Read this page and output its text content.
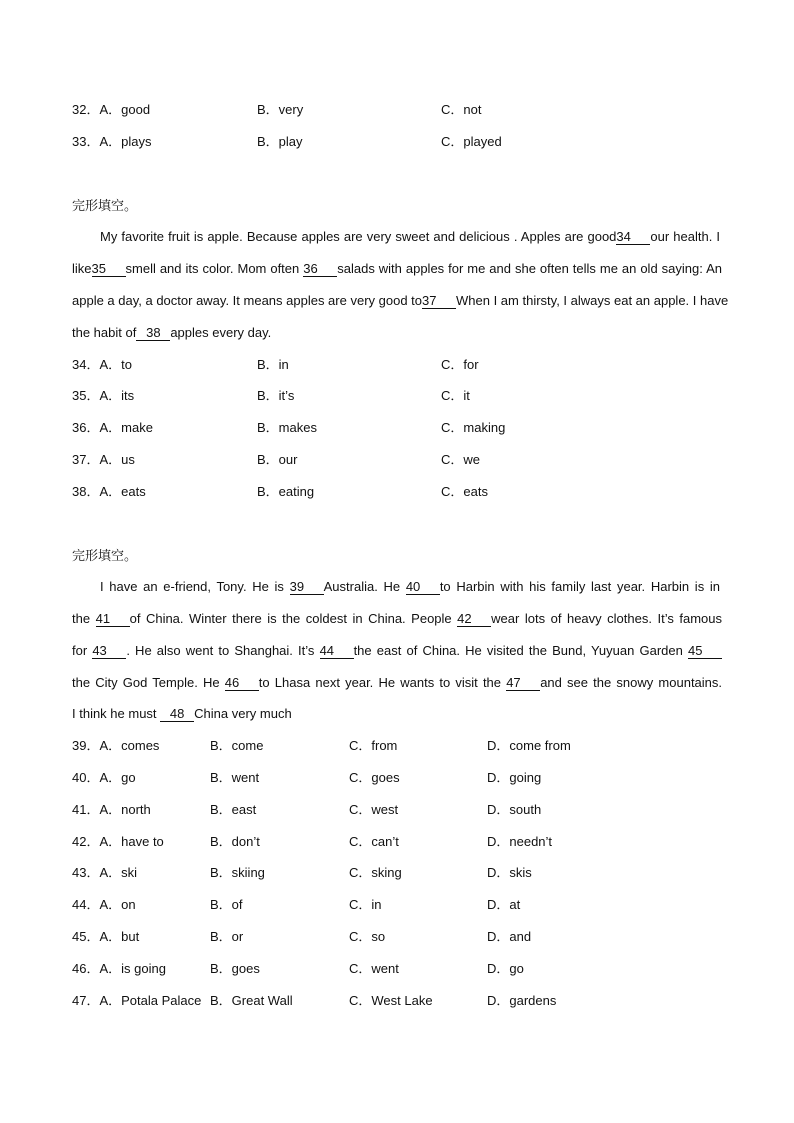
32．A．good	B．very	C．not
33．A．plays	B．play	C．played
完形填空。
My favorite fruit is apple. Because apples are very sweet and delicious . Apples are good34 our health. I
like35 smell and its color. Mom often 36 salads with apples for me and she often tells me an old saying: An
apple a day, a doctor away. It means apples are very good to37 When I am thirsty, I always eat an apple. I have
the habit of 38 apples every day.
34．A．to	B．in	C．for
35．A．its	B．it’s	C．it
36．A．make	B．makes	C．making
37．A．us	B．our	C．we
38．A．eats	B．eating	C．eats
完形填空。
I have an e-friend, Tony. He is 39 Australia. He 40 to Harbin with his family last year. Harbin is in
the 41 of China. Winter there is the coldest in China. People 42 wear lots of heavy clothes. It’s famous
for 43 . He also went to Shanghai. It’s 44 the east of China. He visited the Bund, Yuyuan Garden 45
the City God Temple. He 46 to Lhasa next year. He wants to visit the 47 and see the snowy mountains.
I think he must 48 China very much
39．A．comes	B．come	C．from	D．come from
40．A．go	B．went	C．goes	D．going
41．A．north	B．east	C．west	D．south
42．A．have to	B．don’t	C．can’t	D．needn’t
43．A．ski	B．skiing	C．sking	D．skis
44．A．on	B．of	C．in	D．at
45．A．but	B．or	C．so	D．and
46．A．is going	B．goes	C．went	D．go
47．A．Potala Palace B．Great Wall	C．West Lake	D．gardens
